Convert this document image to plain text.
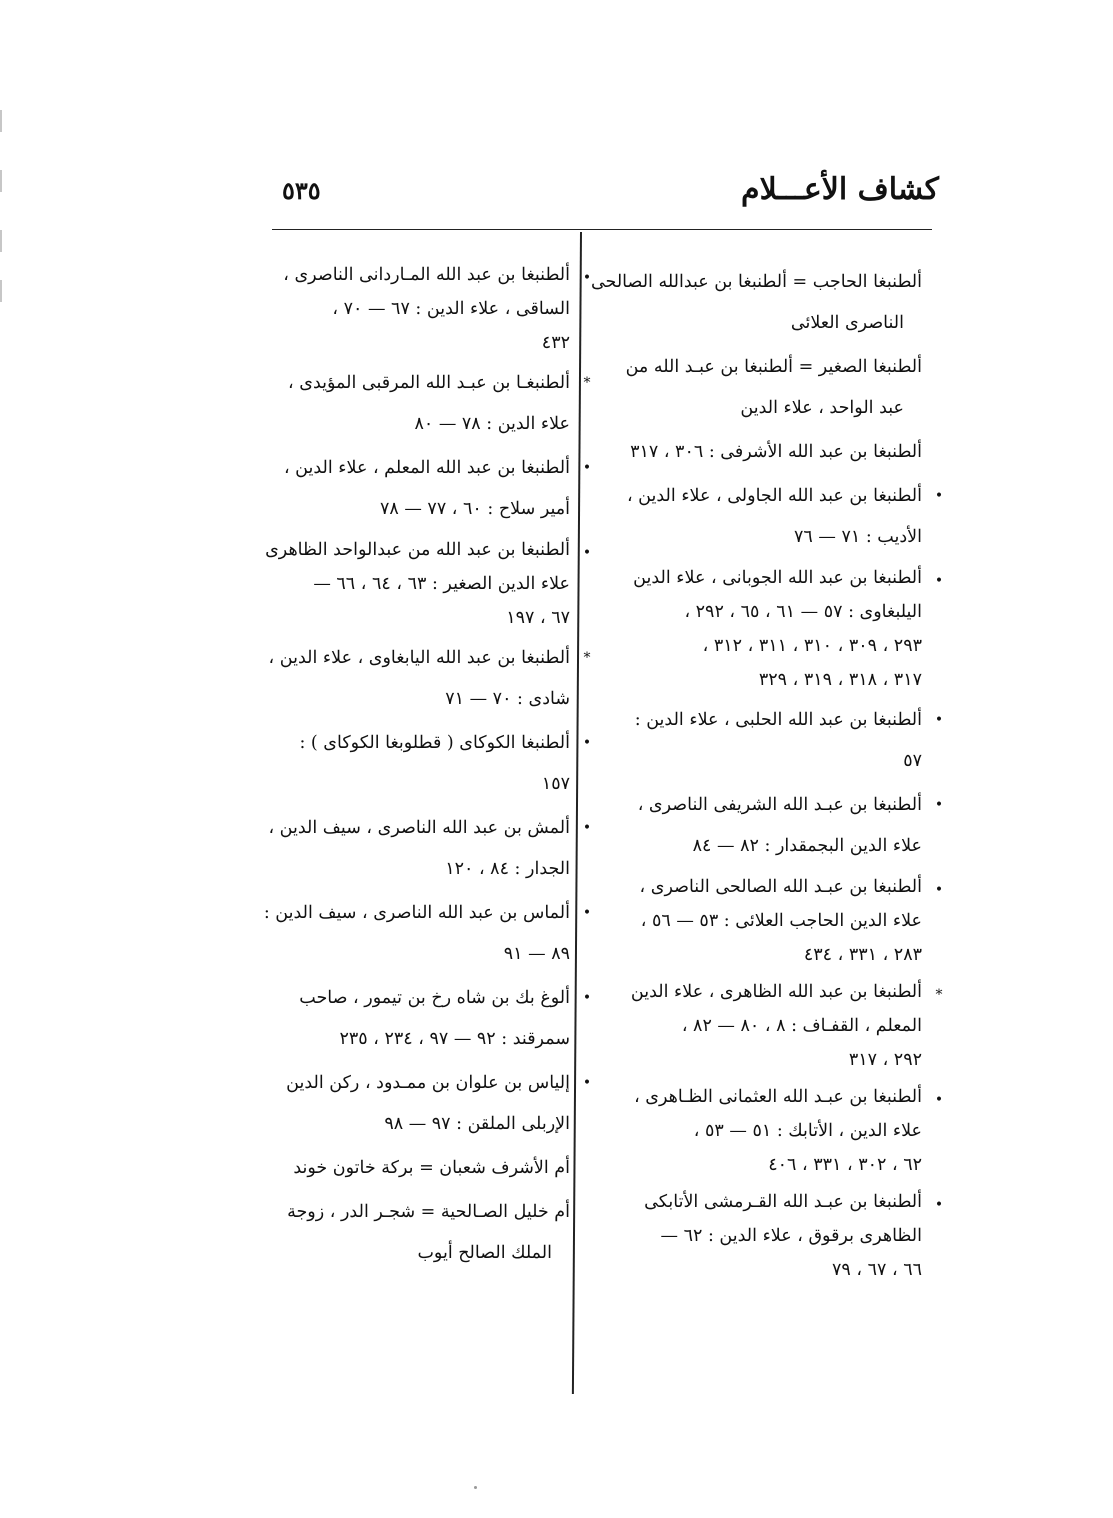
٥٣٥	كشاف الأعـــلام

ألطنبغا الحاجب = ألطنبغا بن عبدالله الصالحى

الناصرى العلائى

ألطنبغا الصغير = ألطنبغا بن عبـد الله من

عبد الواحد ، علاء الدين

ألطنبغا بن عبد الله الأشرفى : ٣٠٦ ، ٣١٧

•

ألطنبغا بن عبد الله الجاولى ، علاء الدين ،

الأديب : ٧١ — ٧٦

•

ألطنبغا بن عبد الله الجوبانى ، علاء الدين

اليلبغاوى : ٥٧ — ٦١ ، ٦٥ ، ٢٩٢ ،

٢٩٣ ، ٣٠٩ ، ٣١٠ ، ٣١١ ، ٣١٢ ،

٣١٧ ، ٣١٨ ، ٣١٩ ، ٣٢٩

•

ألطنبغا بن عبد الله الحلبى ، علاء الدين :

٥٧

•

ألطنبغا بن عبـد الله الشريفى الناصرى ،

علاء الدين البجمقدار : ٨٢ — ٨٤

•

ألطنبغا بن عبـد الله الصالحى الناصرى ،

علاء الدين الحاجب العلائى : ٥٣ — ٥٦ ،

٢٨٣ ، ٣٣١ ، ٤٣٤

*

ألطنبغا بن عبد الله الظاهرى ، علاء الدين

المعلم ، القفـاف : ٨ ، ٨٠ — ٨٢ ،

٢٩٢ ، ٣١٧

•

ألطنبغا بن عبـد الله العثمانى الظـاهرى ،

علاء الدين ، الأتابك : ٥١ — ٥٣ ،

٦٢ ، ٣٠٢ ، ٣٣١ ، ٤٠٦

•

ألطنبغا بن عبـد الله القـرمشى الأتابكى

الظاهرى برقوق ، علاء الدين : ٦٢ —

٦٦ ، ٦٧ ، ٧٩

•

ألطنبغا بن عبد الله المـاردانى الناصرى ،

الساقى ، علاء الدين : ٦٧ — ٧٠ ،

٤٣٢

*

ألطنبغـا بن عبـد الله المرقبى المؤيدى ،

علاء الدين : ٧٨ — ٨٠

•

ألطنبغا بن عبد الله المعلم ، علاء الدين ،

أمير سلاح : ٦٠ ، ٧٧ — ٧٨

•

ألطنبغا بن عبد الله من عبدالواحد الظاهرى

علاء الدين الصغير : ٦٣ ، ٦٤ ، ٦٦ —

٦٧ ، ١٩٧

*

ألطنبغا بن عبد الله اليابغاوى ، علاء الدين ،

شادى : ٧٠ — ٧١

•

ألطنبغا الكوكاى ( قطلوبغا الكوكاى ) :

١٥٧

•

ألمش بن عبد الله الناصرى ، سيف الدين ،

الجدار : ٨٤ ، ١٢٠

•

ألماس بن عبد الله الناصرى ، سيف الدين :

٨٩ — ٩١

•

ألوغ بك بن شاه رخ بن تيمور ، صاحب

سمرقند : ٩٢ — ٩٧ ، ٢٣٤ ، ٢٣٥

•

إلياس بن علوان بن ممـدود ، ركن الدين

الإربلى الملقن : ٩٧ — ٩٨

أم الأشرف شعبان = بركة خاتون خوند

أم خليل الصـالحية = شجـر الدر ، زوجة

الملك الصالح أيوب
